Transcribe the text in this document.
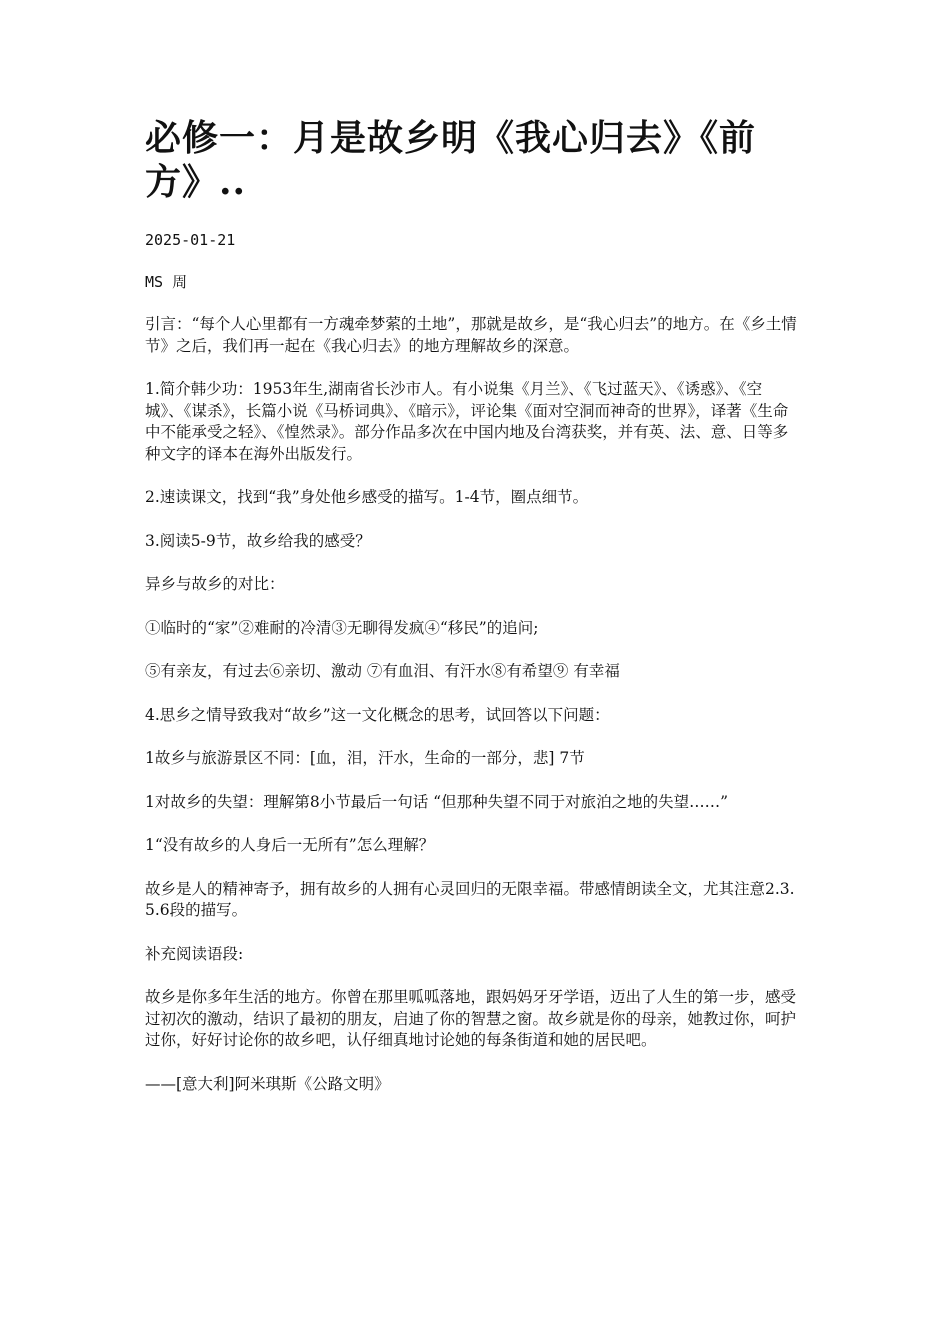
必修一：月是故乡明《我心归去》《前方》..
2025-01-21
MS 周

引言：“每个人心里都有一方魂牵梦萦的土地”，那就是故乡，是“我心归去”的地方。在《乡土情节》之后，我们再一起在《我心归去》的地方理解故乡的深意。

1.简介韩少功：1953年生,湖南省长沙市人。有小说集《月兰》、《飞过蓝天》、《诱惑》、《空城》、《谋杀》，长篇小说《马桥词典》、《暗示》，评论集《面对空洞而神奇的世界》，译著《生命中不能承受之轻》、《惶然录》。部分作品多次在中国内地及台湾获奖，并有英、法、意、日等多种文字的译本在海外出版发行。

2.速读课文，找到“我”身处他乡感受的描写。1-4节，圈点细节。

3.阅读5-9节，故乡给我的感受？

异乡与故乡的对比：

①临时的“家”②难耐的冷清③无聊得发疯④“移民”的追问;

⑤有亲友，有过去⑥亲切、激动 ⑦有血泪、有汗水⑧有希望⑨ 有幸福

4.思乡之情导致我对“故乡”这一文化概念的思考，试回答以下问题：

1故乡与旅游景区不同：[血，泪，汗水，生命的一部分，悲] 7节

1对故乡的失望：理解第8小节最后一句话 “但那种失望不同于对旅泊之地的失望……”

1“没有故乡的人身后一无所有”怎么理解？

故乡是人的精神寄予，拥有故乡的人拥有心灵回归的无限幸福。带感情朗读全文，尤其注意2.3.5.6段的描写。

补充阅读语段:

故乡是你多年生活的地方。你曾在那里呱呱落地，跟妈妈牙牙学语，迈出了人生的第一步，感受过初次的激动，结识了最初的朋友，启迪了你的智慧之窗。故乡就是你的母亲，她教过你，呵护过你，好好讨论你的故乡吧，认仔细真地讨论她的每条街道和她的居民吧。

——[意大利]阿米琪斯《公路文明》
